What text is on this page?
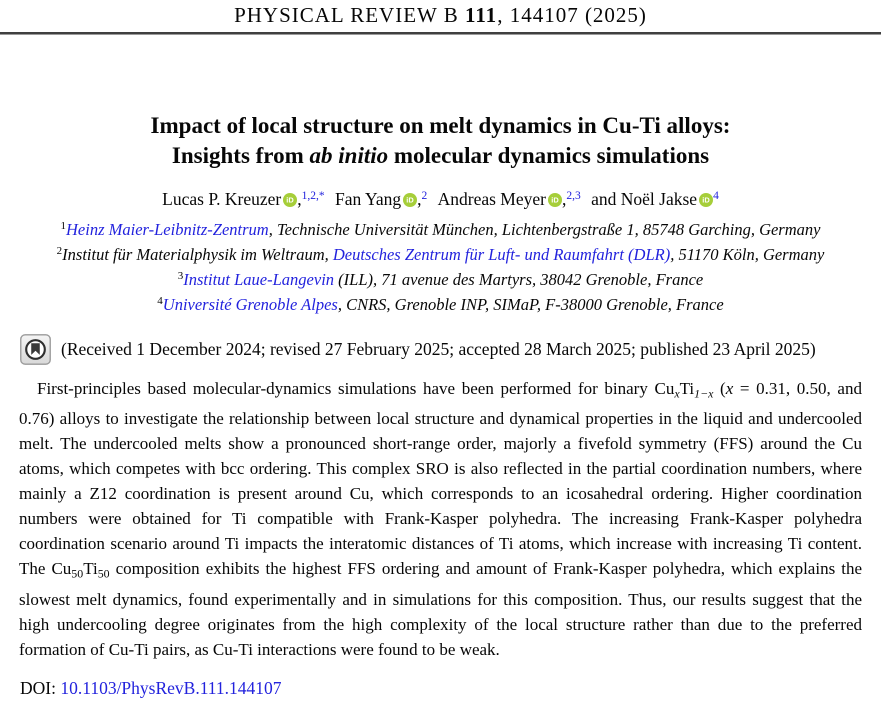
PHYSICAL REVIEW B 111, 144107 (2025)
Impact of local structure on melt dynamics in Cu-Ti alloys:
Insights from ab initio molecular dynamics simulations
Lucas P. Kreuzer iD ,$^{1,2,*}$ Fan Yang iD ,$^2$ Andreas Meyer iD ,$^{2,3}$ and Noël Jakse iD $^4$
$^1$Heinz Maier-Leibnitz-Zentrum, Technische Universität München, Lichtenbergstraße 1, 85748 Garching, Germany
$^2$Institut für Materialphysik im Weltraum, Deutsches Zentrum für Luft- und Raumfahrt (DLR), 51170 Köln, Germany
$^3$Institut Laue-Langevin (ILL), 71 avenue des Martyrs, 38042 Grenoble, France
$^4$Université Grenoble Alpes, CNRS, Grenoble INP, SIMaP, F-38000 Grenoble, France
(Received 1 December 2024; revised 27 February 2025; accepted 28 March 2025; published 23 April 2025)

First-principles based molecular-dynamics simulations have been performed for binary CuxTi1−x (x = 0.31, 0.50, and 0.76) alloys to investigate the relationship between local structure and dynamical properties in the liquid and undercooled melt. The undercooled melts show a pronounced short-range order, majorly a fivefold symmetry (FFS) around the Cu atoms, which competes with bcc ordering. This complex SRO is also reflected in the partial coordination numbers, where mainly a Z12 coordination is present around Cu, which corresponds to an icosahedral ordering. Higher coordination numbers were obtained for Ti compatible with Frank-Kasper polyhedra. The increasing Frank-Kasper polyhedra coordination scenario around Ti impacts the interatomic distances of Ti atoms, which increase with increasing Ti content. The Cu50Ti50 composition exhibits the highest FFS ordering and amount of Frank-Kasper polyhedra, which explains the slowest melt dynamics, found experimentally and in simulations for this composition. Thus, our results suggest that the high undercooling degree originates from the high complexity of the local structure rather than due to the preferred formation of Cu-Ti pairs, as Cu-Ti interactions were found to be weak.

DOI: 10.1103/PhysRevB.111.144107
